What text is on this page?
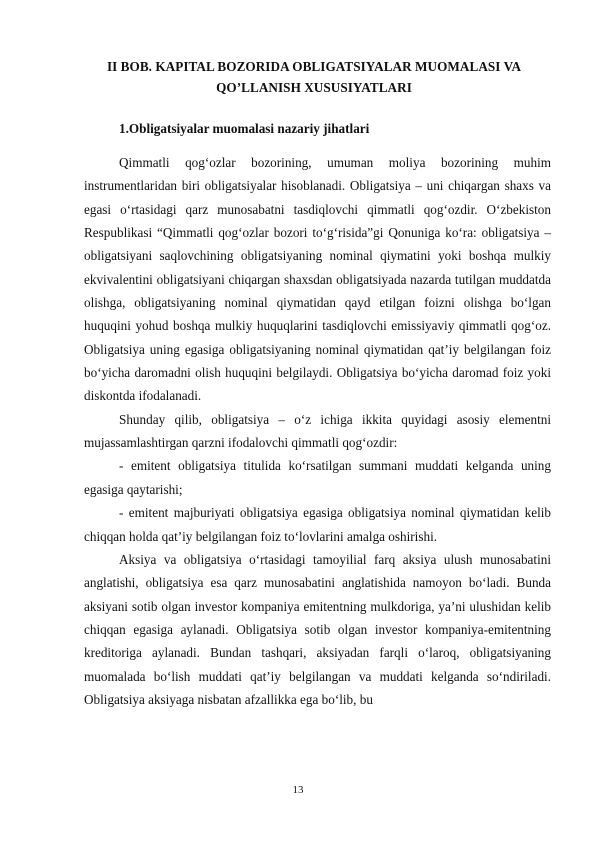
II BOB. KAPITAL BOZORIDA OBLIGATSIYALAR MUOMALASI VA QO’LLANISH XUSUSIYATLARI
1.Obligatsiyalar muomalasi nazariy jihatlari

Qimmatli qog‘ozlar bozorining, umuman moliya bozorining muhim instrumentlaridan biri obligatsiyalar hisoblanadi. Obligatsiya – uni chiqargan shaxs va egasi o‘rtasidagi qarz munosabatni tasdiqlovchi qimmatli qog‘ozdir. O‘zbekiston Respublikasi “Qimmatli qog‘ozlar bozori to‘g‘risida”gi Qonuniga ko‘ra: obligatsiya – obligatsiyani saqlovchining obligatsiyaning nominal qiymatini yoki boshqa mulkiy ekvivalentini obligatsiyani chiqargan shaxsdan obligatsiyada nazarda tutilgan muddatda olishga, obligatsiyaning nominal qiymatidan qayd etilgan foizni olishga bo‘lgan huquqini yohud boshqa mulkiy huquqlarini tasdiqlovchi emissiyaviy qimmatli qog‘oz. Obligatsiya uning egasiga obligatsiyaning nominal qiymatidan qat’iy belgilangan foiz bo‘yicha daromadni olish huquqini belgilaydi. Obligatsiya bo‘yicha daromad foiz yoki diskontda ifodalanadi.

Shunday qilib, obligatsiya – o‘z ichiga ikkita quyidagi asosiy elementni mujassamlashtirgan qarzni ifodalovchi qimmatli qog‘ozdir:

- emitent obligatsiya titulida ko‘rsatilgan summani muddati kelganda uning egasiga qaytarishi;

- emitent majburiyati obligatsiya egasiga obligatsiya nominal qiymatidan kelib chiqqan holda qat’iy belgilangan foiz to‘lovlarini amalga oshirishi.

Aksiya va obligatsiya o‘rtasidagi tamoyilial farq aksiya ulush munosabatini anglatishi, obligatsiya esa qarz munosabatini anglatishida namoyon bo‘ladi. Bunda aksiyani sotib olgan investor kompaniya emitentning mulkdoriga, ya’ni ulushidan kelib chiqqan egasiga aylanadi. Obligatsiya sotib olgan investor kompaniya-emitentning kreditoriga aylanadi. Bundan tashqari, aksiyadan farqli o‘laroq, obligatsiyaning muomalada bo‘lish muddati qat’iy belgilangan va muddati kelganda so‘ndiriladi. Obligatsiya aksiyaga nisbatan afzallikka ega bo‘lib, bu

13
